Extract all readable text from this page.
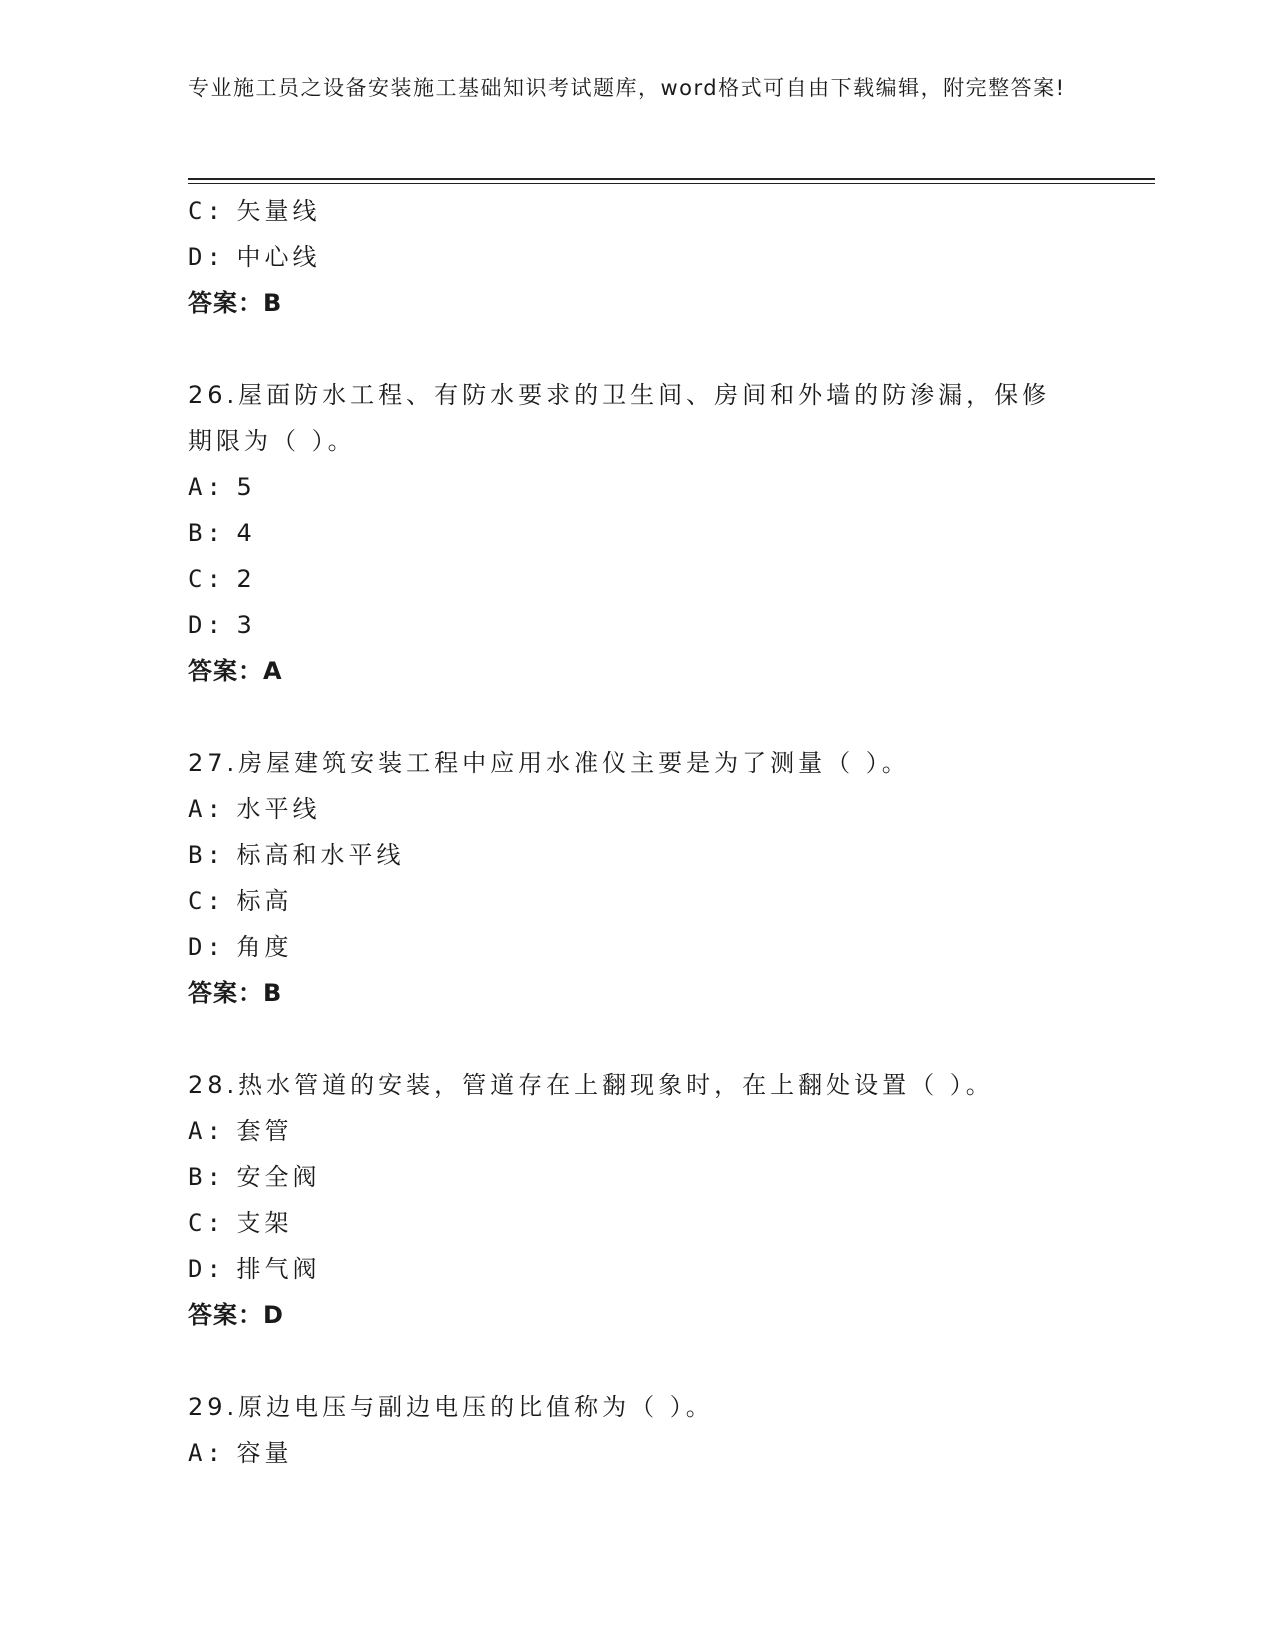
专业施工员之设备安装施工基础知识考试题库，word格式可自由下载编辑，附完整答案!
C: 矢量线
D: 中心线
答案：B
26.屋面防水工程、有防水要求的卫生间、房间和外墙的防渗漏，保修期限为（ ）。
A: 5
B: 4
C: 2
D: 3
答案：A
27.房屋建筑安装工程中应用水准仪主要是为了测量（ ）。
A: 水平线
B: 标高和水平线
C: 标高
D: 角度
答案：B
28.热水管道的安装，管道存在上翻现象时，在上翻处设置（ ）。
A: 套管
B: 安全阀
C: 支架
D: 排气阀
答案：D
29.原边电压与副边电压的比值称为（ ）。
A: 容量
